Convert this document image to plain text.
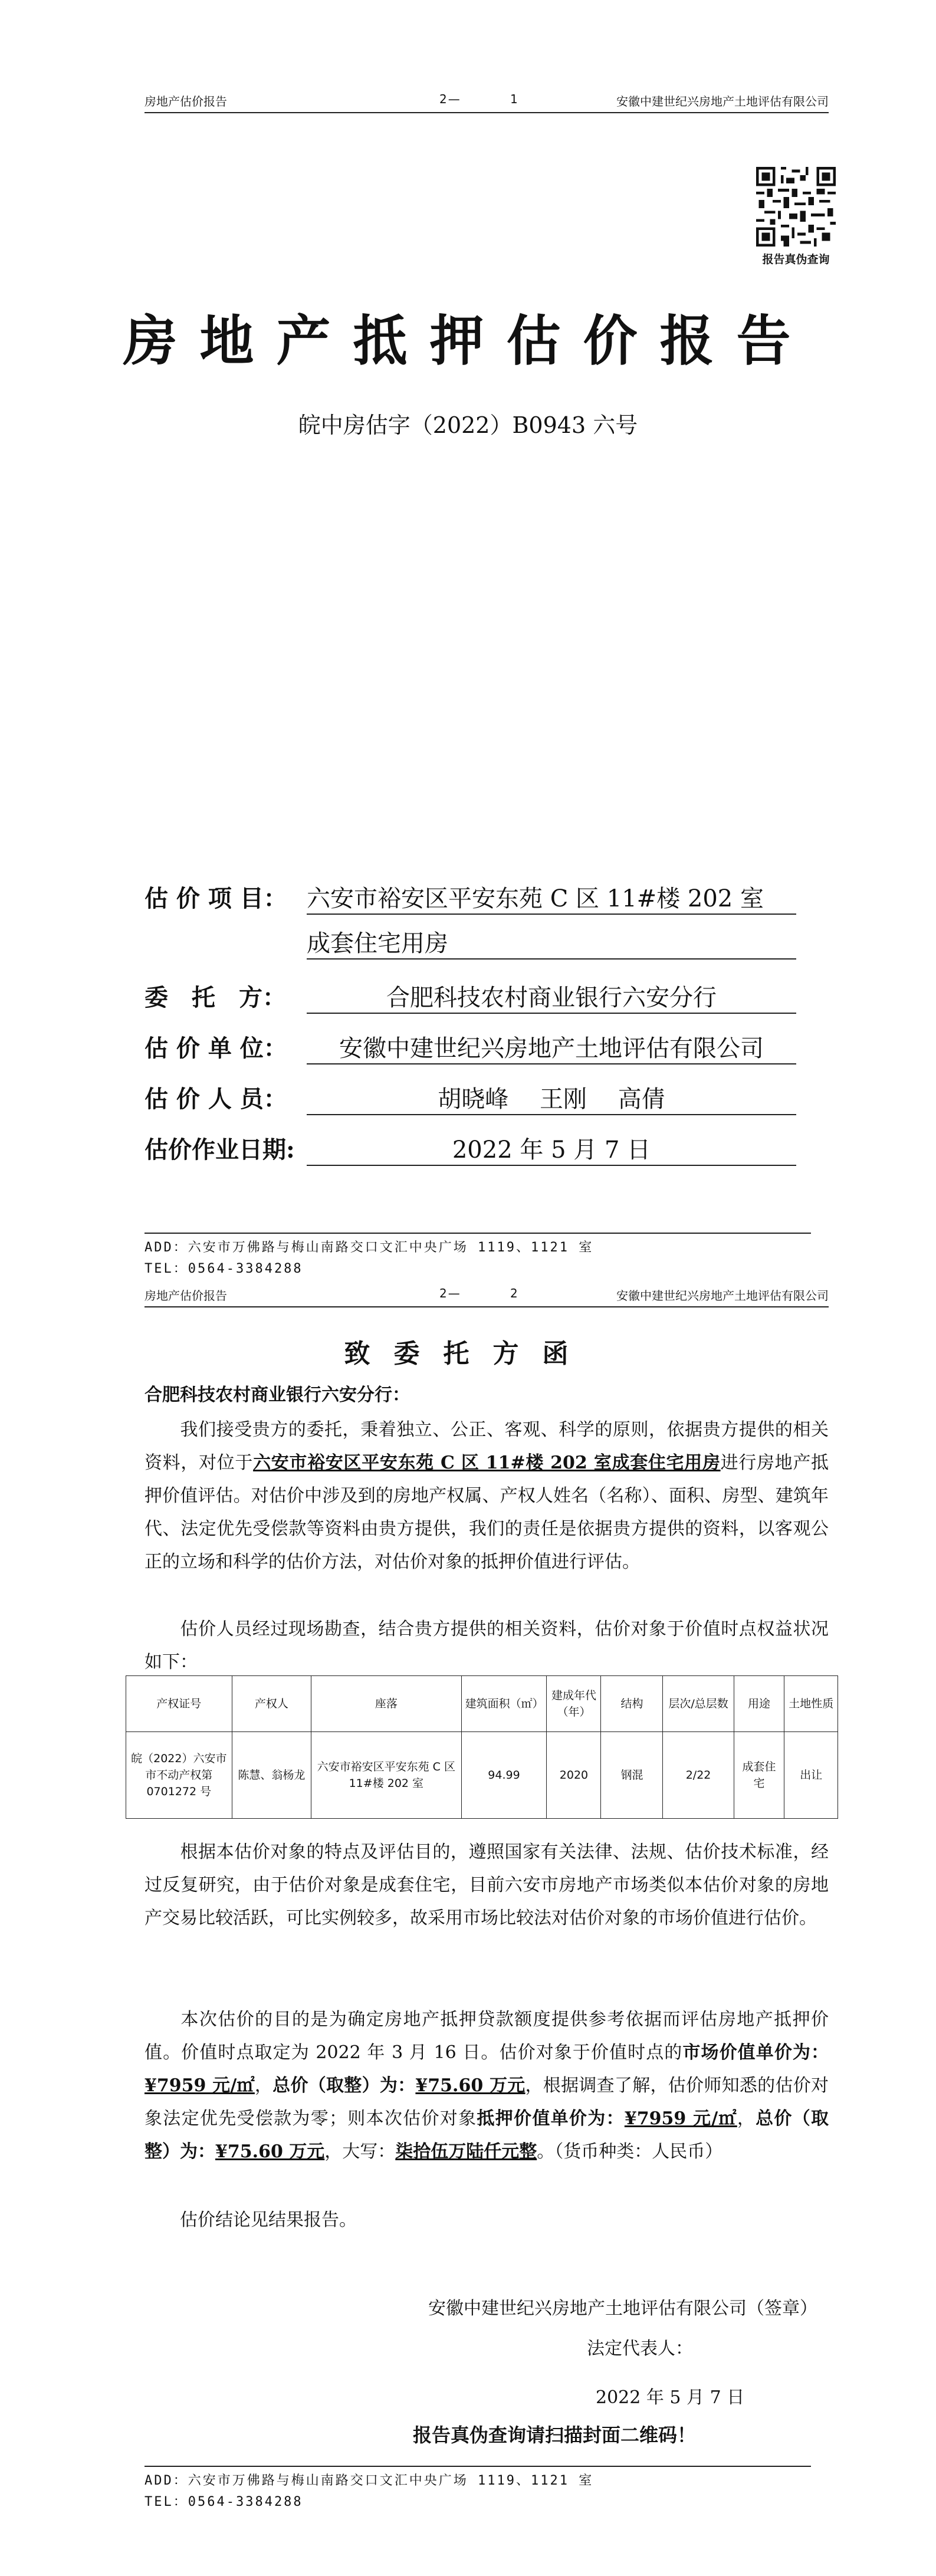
房地产估价报告	2—	1	安徽中建世纪兴房地产土地评估有限公司
报告真伪查询
房地产抵押估价报告
皖中房估字（2022）B0943 六号
估 价 项 目： 六安市裕安区平安东苑 C 区 11#楼 202 室
成套住宅用房
委　托　方：	合肥科技农村商业银行六安分行
估 价 单 位：	安徽中建世纪兴房地产土地评估有限公司
估 价 人 员：	胡晓峰　 王刚　 高倩
估价作业日期:	2022 年 5 月 7 日
ADD：六安市万佛路与梅山南路交口文汇中央广场 1119、1121 室
TEL：0564-3384288
房地产估价报告	2—	2	安徽中建世纪兴房地产土地评估有限公司
致委托方函
合肥科技农村商业银行六安分行：
我们接受贵方的委托，秉着独立、公正、客观、科学的原则，依据贵方提供的相关资料，对位于六安市裕安区平安东苑 C 区 11#楼 202 室成套住宅用房进行房地产抵押价值评估。对估价中涉及到的房地产权属、产权人姓名（名称）、面积、房型、建筑年代、法定优先受偿款等资料由贵方提供，我们的责任是依据贵方提供的资料，以客观公正的立场和科学的估价方法，对估价对象的抵押价值进行评估。
估价人员经过现场勘查，结合贵方提供的相关资料，估价对象于价值时点权益状况如下：
产权证号	产权人	座落	建筑面积（㎡）	建成年代（年）	结构	层次/总层数	用途	土地性质
皖（2022）六安市市不动产权第 0701272 号	陈慧、翁杨龙	六安市裕安区平安东苑 C 区 11#楼 202 室	94.99	2020	钢混	2/22	成套住宅	出让
根据本估价对象的特点及评估目的，遵照国家有关法律、法规、估价技术标准，经过反复研究，由于估价对象是成套住宅，目前六安市房地产市场类似本估价对象的房地产交易比较活跃，可比实例较多，故采用市场比较法对估价对象的市场价值进行估价。
本次估价的目的是为确定房地产抵押贷款额度提供参考依据而评估房地产抵押价值。价值时点取定为 2022 年 3 月 16 日。估价对象于价值时点的市场价值单价为：¥7959 元/㎡，总价（取整）为：¥75.60 万元，根据调查了解，估价师知悉的估价对象法定优先受偿款为零；则本次估价对象抵押价值单价为：¥7959 元/㎡，总价（取整）为：¥75.60 万元，大写：柒拾伍万陆仟元整。（货币种类：人民币）
估价结论见结果报告。
安徽中建世纪兴房地产土地评估有限公司（签章）
法定代表人：
2022 年 5 月 7 日
报告真伪查询请扫描封面二维码！
ADD：六安市万佛路与梅山南路交口文汇中央广场 1119、1121 室
TEL：0564-3384288
